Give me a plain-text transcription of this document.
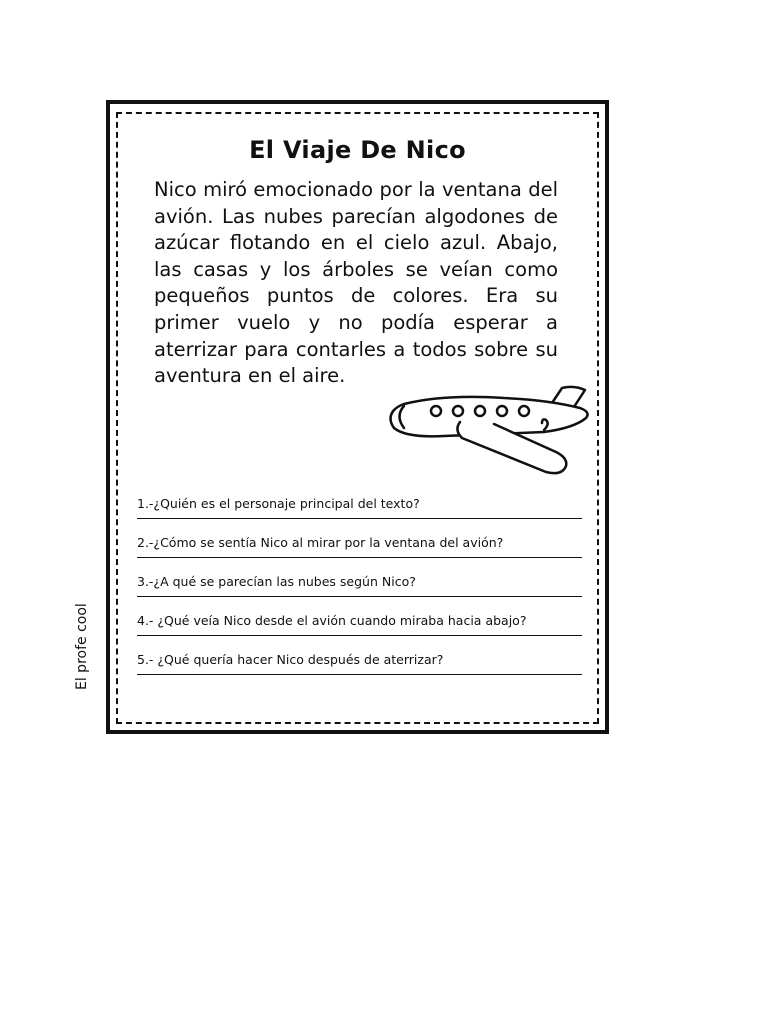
El Viaje De Nico

Nico miró emocionado por la ventana del avión. Las nubes parecían algodones de azúcar flotando en el cielo azul. Abajo, las casas y los árboles se veían como pequeños puntos de colores. Era su primer vuelo y no podía esperar a aterrizar para contarles a todos sobre su aventura en el aire.

1.-¿Quién es el personaje principal del texto?
2.-¿Cómo se sentía Nico al mirar por la ventana del avión?
3.-¿A qué se parecían las nubes según Nico?
4.- ¿Qué veía Nico desde el avión cuando miraba hacia abajo?
5.- ¿Qué quería hacer Nico después de aterrizar?
El profe cool
